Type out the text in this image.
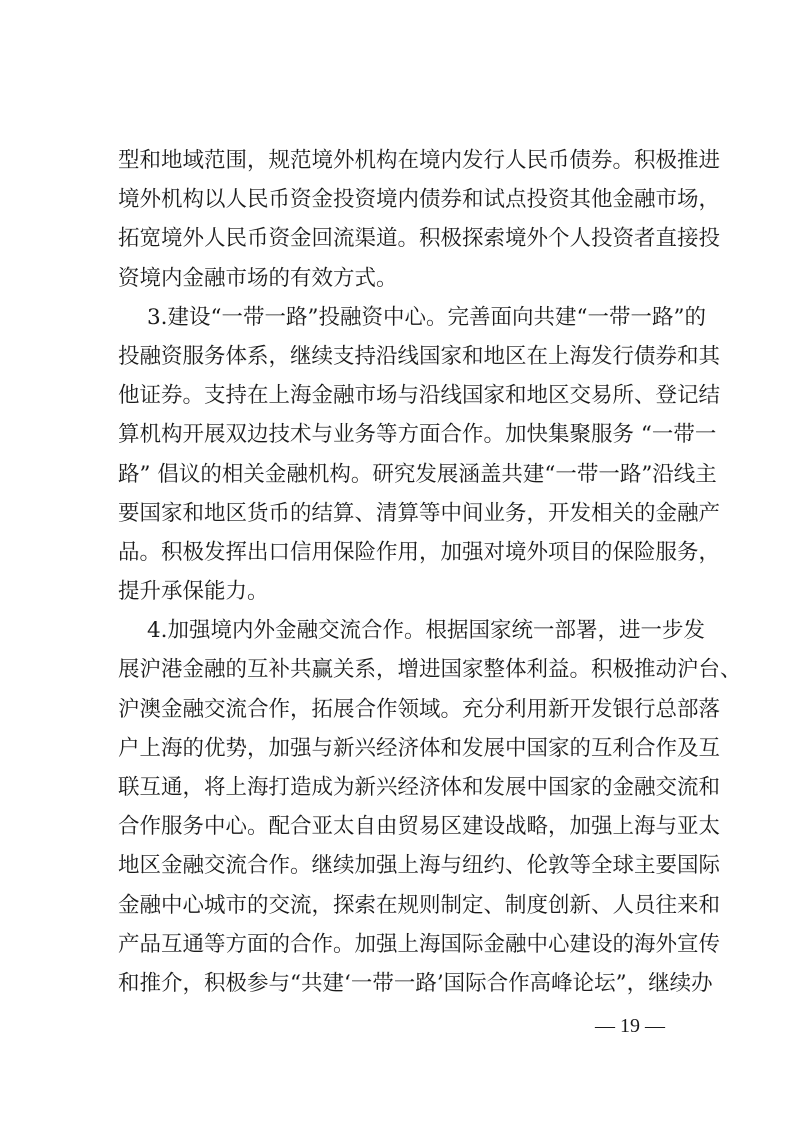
型和地域范围，规范境外机构在境内发行人民币债券。积极推进
境外机构以人民币资金投资境内债券和试点投资其他金融市场，
拓宽境外人民币资金回流渠道。积极探索境外个人投资者直接投
资境内金融市场的有效方式。
3.建设“一带一路”投融资中心。完善面向共建“一带一路”的
投融资服务体系，继续支持沿线国家和地区在上海发行债券和其
他证券。支持在上海金融市场与沿线国家和地区交易所、登记结
算机构开展双边技术与业务等方面合作。加快集聚服务 “一带一
路” 倡议的相关金融机构。研究发展涵盖共建“一带一路”沿线主
要国家和地区货币的结算、清算等中间业务，开发相关的金融产
品。积极发挥出口信用保险作用，加强对境外项目的保险服务，
提升承保能力。
4.加强境内外金融交流合作。根据国家统一部署，进一步发
展沪港金融的互补共赢关系，增进国家整体利益。积极推动沪台、
沪澳金融交流合作，拓展合作领域。充分利用新开发银行总部落
户上海的优势，加强与新兴经济体和发展中国家的互利合作及互
联互通，将上海打造成为新兴经济体和发展中国家的金融交流和
合作服务中心。配合亚太自由贸易区建设战略，加强上海与亚太
地区金融交流合作。继续加强上海与纽约、伦敦等全球主要国际
金融中心城市的交流，探索在规则制定、制度创新、人员往来和
产品互通等方面的合作。加强上海国际金融中心建设的海外宣传
和推介，积极参与“共建‘一带一路’国际合作高峰论坛”，继续办
— 19 —
